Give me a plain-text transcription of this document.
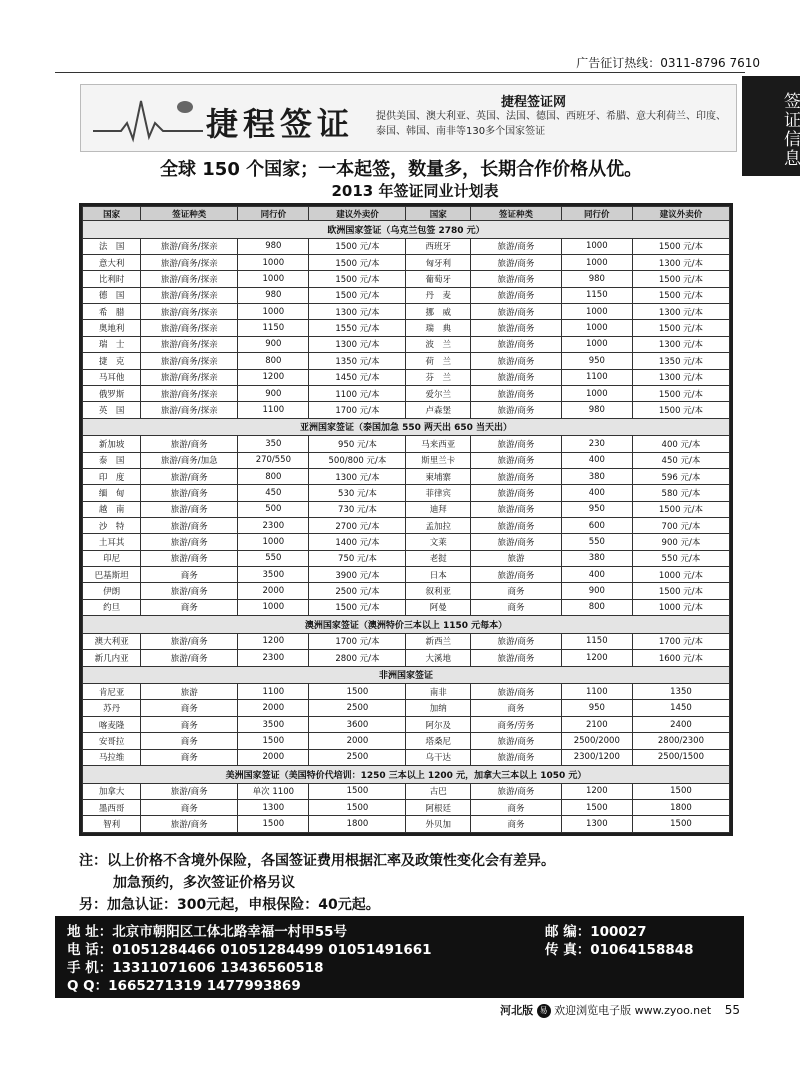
广告征订热线：0311-8796 7610
签证信息
捷程签证
捷程签证网
提供美国、澳大利亚、英国、法国、德国、西班牙、希腊、意大利荷兰、印度、泰国、韩国、南非等130多个国家签证
全球 150 个国家；一本起签，数量多，长期合作价格从优。
2013 年签证同业计划表
国家	签证种类	同行价	建议外卖价	国家	签证种类	同行价	建议外卖价
欧洲国家签证（乌克兰包签 2780 元）							
法　国	旅游/商务/探亲	980	1500 元/本	西班牙	旅游/商务	1000	1500 元/本
意大利	旅游/商务/探亲	1000	1500 元/本	匈牙利	旅游/商务	1000	1300 元/本
比利时	旅游/商务/探亲	1000	1500 元/本	葡萄牙	旅游/商务	980	1500 元/本
德　国	旅游/商务/探亲	980	1500 元/本	丹　麦	旅游/商务	1150	1500 元/本
希　腊	旅游/商务/探亲	1000	1300 元/本	挪　威	旅游/商务	1000	1300 元/本
奥地利	旅游/商务/探亲	1150	1550 元/本	瑞　典	旅游/商务	1000	1500 元/本
瑞　士	旅游/商务/探亲	900	1300 元/本	波　兰	旅游/商务	1000	1300 元/本
捷　克	旅游/商务/探亲	800	1350 元/本	荷　兰	旅游/商务	950	1350 元/本
马耳他	旅游/商务/探亲	1200	1450 元/本	芬　兰	旅游/商务	1100	1300 元/本
俄罗斯	旅游/商务/探亲	900	1100 元/本	爱尔兰	旅游/商务	1000	1500 元/本
英　国	旅游/商务/探亲	1100	1700 元/本	卢森堡	旅游/商务	980	1500 元/本
亚洲国家签证（泰国加急 550 两天出 650 当天出）							
新加坡	旅游/商务	350	950 元/本	马来西亚	旅游/商务	230	400 元/本
泰　国	旅游/商务/加急	270/550	500/800 元/本	斯里兰卡	旅游/商务	400	450 元/本
印　度	旅游/商务	800	1300 元/本	柬埔寨	旅游/商务	380	596 元/本
缅　甸	旅游/商务	450	530 元/本	菲律宾	旅游/商务	400	580 元/本
越　南	旅游/商务	500	730 元/本	迪拜	旅游/商务	950	1500 元/本
沙　特	旅游/商务	2300	2700 元/本	孟加拉	旅游/商务	600	700 元/本
土耳其	旅游/商务	1000	1400 元/本	文莱	旅游/商务	550	900 元/本
印尼	旅游/商务	550	750 元/本	老挝	旅游	380	550 元/本
巴基斯坦	商务	3500	3900 元/本	日本	旅游/商务	400	1000 元/本
伊朗	旅游/商务	2000	2500 元/本	叙利亚	商务	900	1500 元/本
约旦	商务	1000	1500 元/本	阿曼	商务	800	1000 元/本
澳洲国家签证（澳洲特价三本以上 1150 元每本）							
澳大利亚	旅游/商务	1200	1700 元/本	新西兰	旅游/商务	1150	1700 元/本
新几内亚	旅游/商务	2300	2800 元/本	大溪地	旅游/商务	1200	1600 元/本
非洲国家签证							
肯尼亚	旅游	1100	1500	南非	旅游/商务	1100	1350
苏丹	商务	2000	2500	加纳	商务	950	1450
喀麦隆	商务	3500	3600	阿尔及	商务/劳务	2100	2400
安哥拉	商务	1500	2000	塔桑尼	旅游/商务	2500/2000	2800/2300
马拉维	商务	2000	2500	乌干达	旅游/商务	2300/1200	2500/1500
美洲国家签证（美国特价代培训：1250 三本以上 1200 元，加拿大三本以上 1050 元）							
加拿大	旅游/商务	单次 1100	1500	古巴	旅游/商务	1200	1500
墨西哥	商务	1300	1500	阿根廷	商务	1500	1800
智利	旅游/商务	1500	1800	外贝加	商务	1300	1500
注：以上价格不含境外保险，各国签证费用根据汇率及政策性变化会有差异。
加急预约，多次签证价格另议
另：加急认证：300元起，申根保险：40元起。
地 址：北京市朝阳区工体北路幸福一村甲55号	邮 编：100027
电 话：01051284466 01051284499 01051491661	传 真：01064158848
手 机：13311071606 13436560518
Q Q：1665271319 1477993869
河北版 易 欢迎浏览电子版 www.zyoo.net 55
